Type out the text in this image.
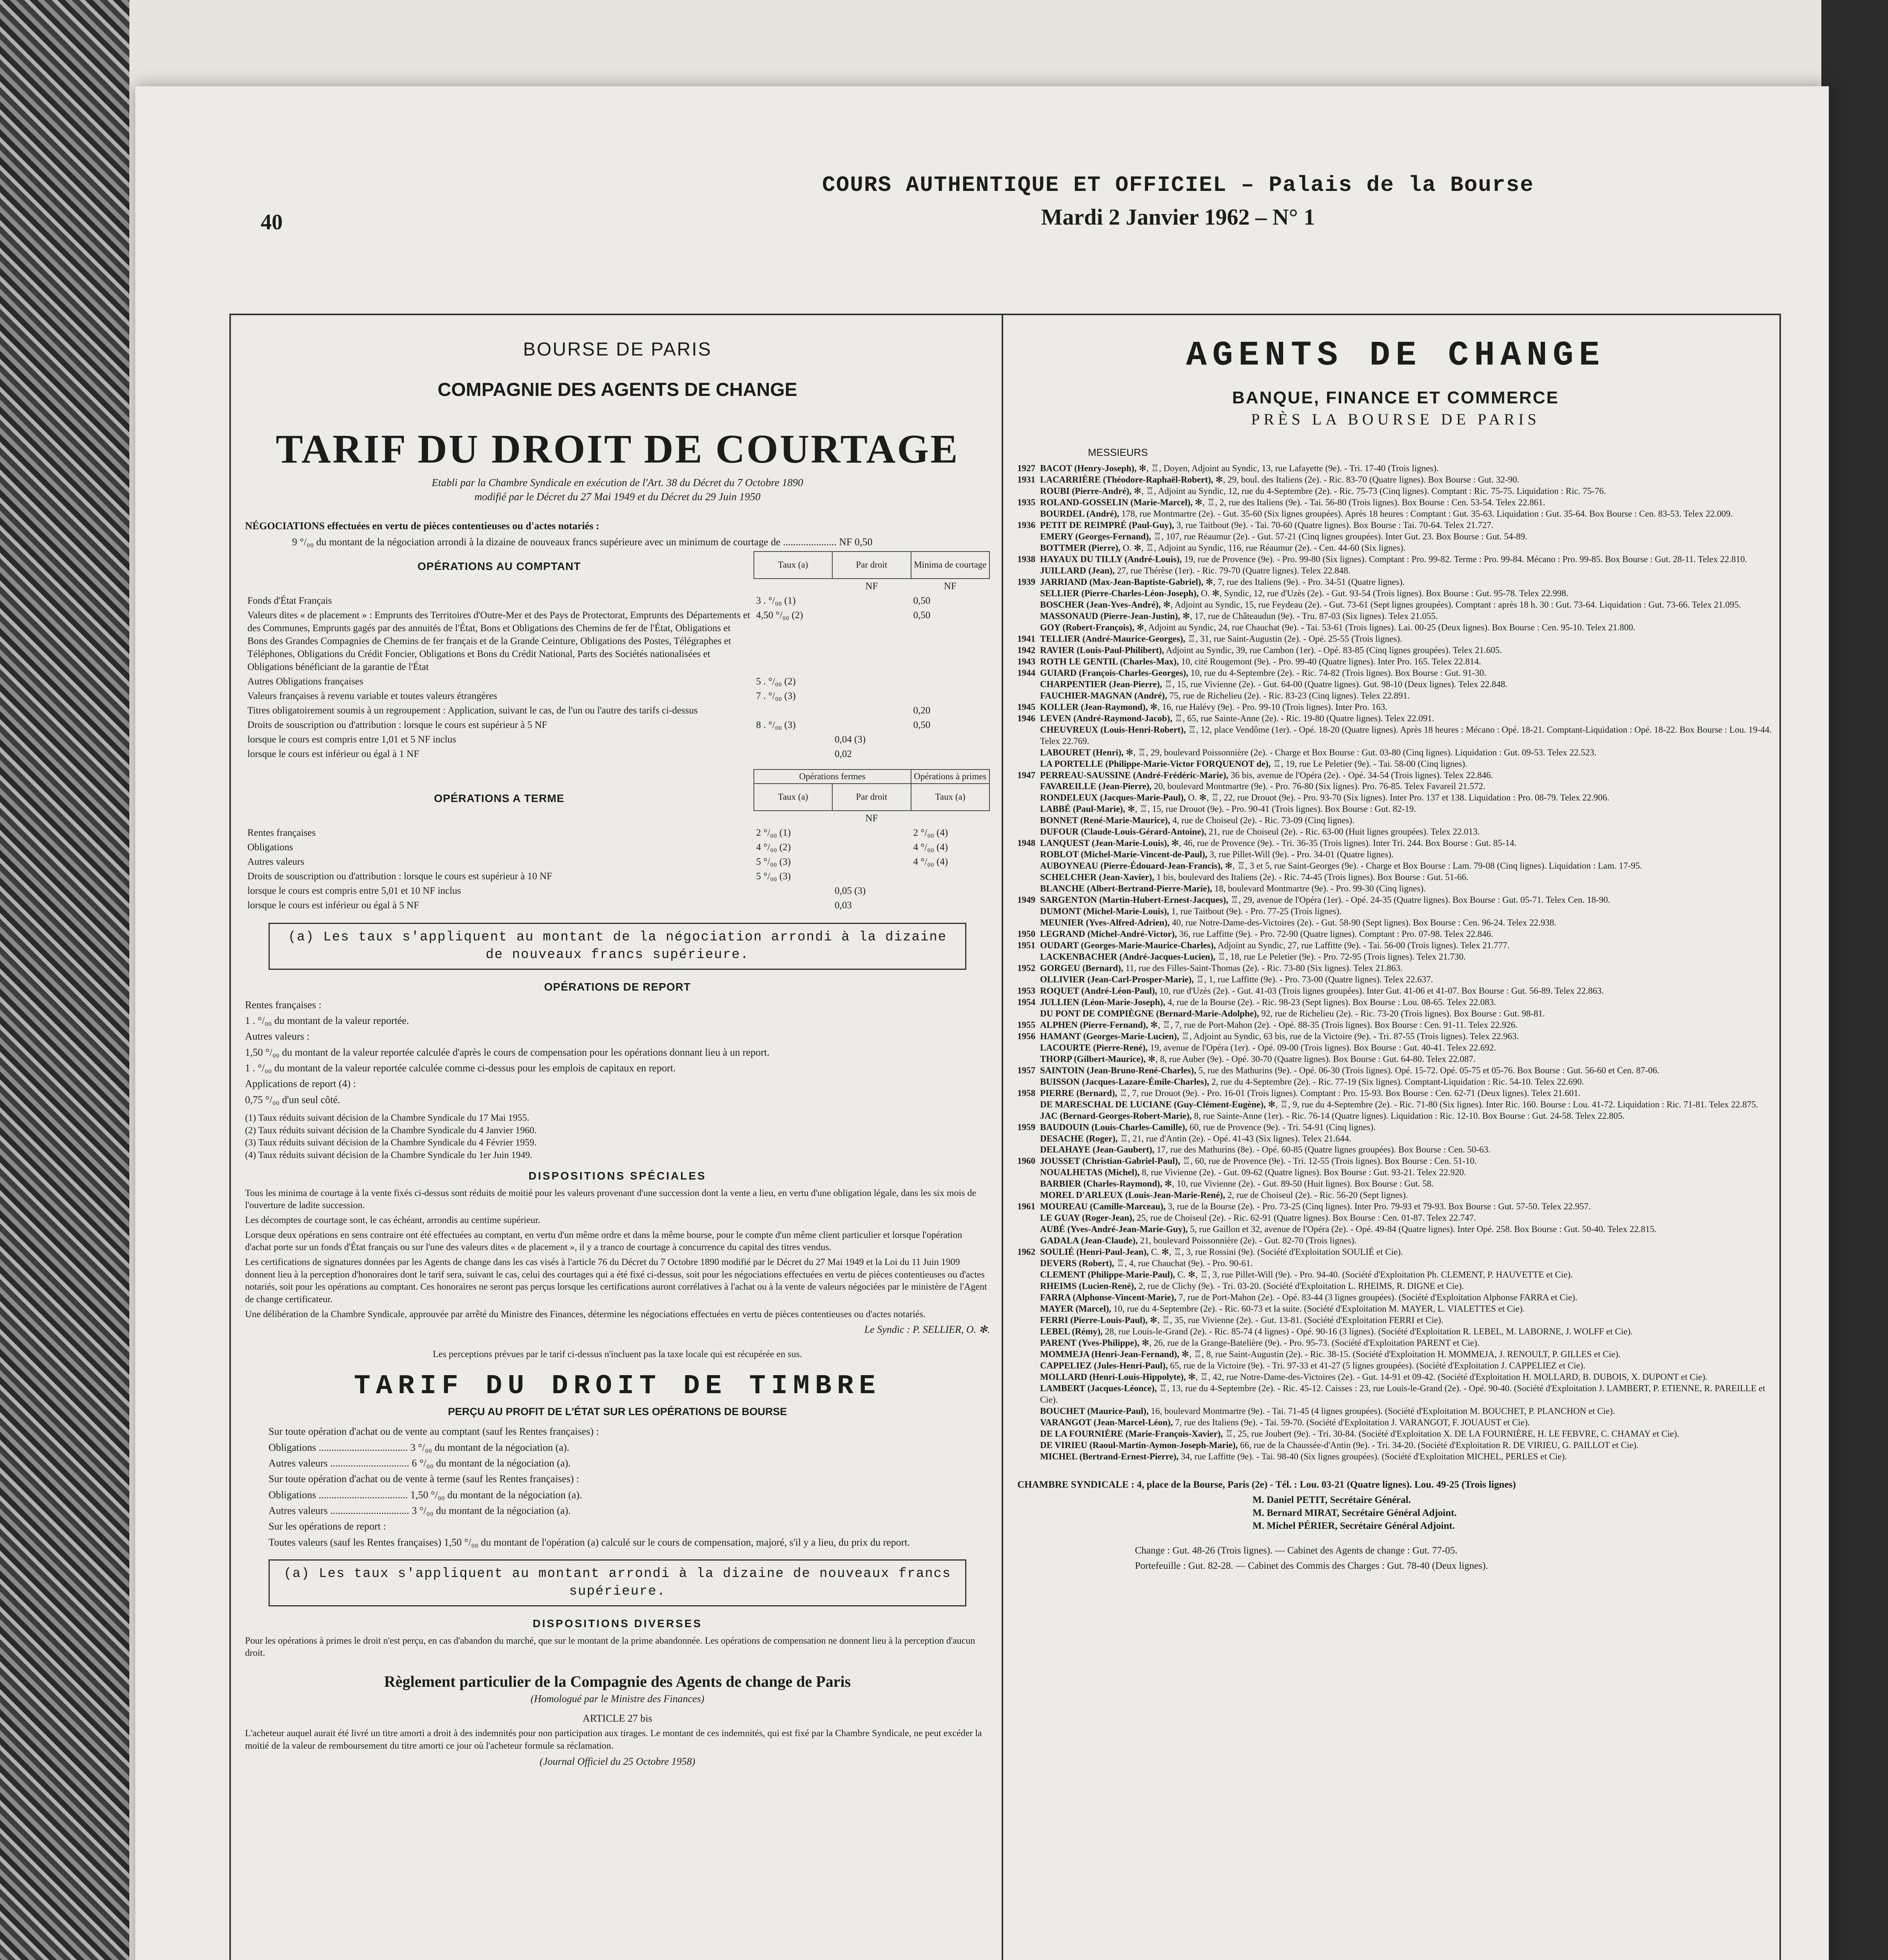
40
COURS AUTHENTIQUE ET OFFICIEL – Palais de la Bourse
Mardi 2 Janvier 1962 – N° 1
BOURSE DE PARIS
COMPAGNIE DES AGENTS DE CHANGE
TARIF DU DROIT DE COURTAGE
Etabli par la Chambre Syndicale en exécution de l'Art. 38 du Décret du 7 Octobre 1890
modifié par le Décret du 27 Mai 1949 et du Décret du 29 Juin 1950

NÉGOCIATIONS effectuées en vertu de pièces contentieuses ou d'actes notariés :

9 °/₀₀ du montant de la négociation arrondi à la dizaine de nouveaux francs supérieure avec un minimum de courtage de ..................... NF 0,50

OPÉRATIONS AU COMPTANT	Taux (a)	Par droit	Minima de courtage
		NF	NF
Fonds d'État Français	3 . °/₀₀ (1)		0,50
Valeurs dites « de placement » : Emprunts des Territoires d'Outre-Mer et des Pays de Protectorat, Emprunts des Départements et des Communes, Emprunts gagés par des annuités de l'État, Bons et Obligations des Chemins de fer de l'État, Obligations et Bons des Grandes Compagnies de Chemins de fer français et de la Grande Ceinture, Obligations des Postes, Télégraphes et Téléphones, Obligations du Crédit Foncier, Obligations et Bons du Crédit National, Parts des Sociétés nationalisées et Obligations bénéficiant de la garantie de l'État	4,50 °/₀₀ (2)		0,50
Autres Obligations françaises	5 . °/₀₀ (2)		
Valeurs françaises à revenu variable et toutes valeurs étrangères	7 . °/₀₀ (3)		
Titres obligatoirement soumis à un regroupement : Application, suivant le cas, de l'un ou l'autre des tarifs ci-dessus			0,20
Droits de souscription ou d'attribution : lorsque le cours est supérieur à 5 NF	8 . °/₀₀ (3)		0,50
lorsque le cours est compris entre 1,01 et 5 NF inclus		0,04 (3)	
lorsque le cours est inférieur ou égal à 1 NF		0,02	
	Opérations fermes		Opérations à primes

OPÉRATIONS A TERME	Taux (a)	Par droit	Taux (a)
		NF	
Rentes françaises	2 °/₀₀ (1)		2 °/₀₀ (4)
Obligations	4 °/₀₀ (2)		4 °/₀₀ (4)
Autres valeurs	5 °/₀₀ (3)		4 °/₀₀ (4)
Droits de souscription ou d'attribution : lorsque le cours est supérieur à 10 NF	5 °/₀₀ (3)		
lorsque le cours est compris entre 5,01 et 10 NF inclus		0,05 (3)	
lorsque le cours est inférieur ou égal à 5 NF		0,03	
(a) Les taux s'appliquent au montant de la négociation arrondi à la dizaine de nouveaux francs supérieure.
OPÉRATIONS DE REPORT

Rentes françaises :

1 . °/₀₀ du montant de la valeur reportée.

Autres valeurs :

1,50 °/₀₀ du montant de la valeur reportée calculée d'après le cours de compensation pour les opérations donnant lieu à un report.

1 . °/₀₀ du montant de la valeur reportée calculée comme ci-dessus pour les emplois de capitaux en report.

Applications de report (4) :

0,75 °/₀₀ d'un seul côté.

(1) Taux réduits suivant décision de la Chambre Syndicale du 17 Mai 1955.
(2) Taux réduits suivant décision de la Chambre Syndicale du 4 Janvier 1960.
(3) Taux réduits suivant décision de la Chambre Syndicale du 4 Février 1959.
(4) Taux réduits suivant décision de la Chambre Syndicale du 1er Juin 1949.
DISPOSITIONS SPÉCIALES

Tous les minima de courtage à la vente fixés ci-dessus sont réduits de moitié pour les valeurs provenant d'une succession dont la vente a lieu, en vertu d'une obligation légale, dans les six mois de l'ouverture de ladite succession.

Les décomptes de courtage sont, le cas échéant, arrondis au centime supérieur.

Lorsque deux opérations en sens contraire ont été effectuées au comptant, en vertu d'un même ordre et dans la même bourse, pour le compte d'un même client particulier et lorsque l'opération d'achat porte sur un fonds d'État français ou sur l'une des valeurs dites « de placement », il y a tranco de courtage à concurrence du capital des titres vendus.

Les certifications de signatures données par les Agents de change dans les cas visés à l'article 76 du Décret du 7 Octobre 1890 modifié par le Décret du 27 Mai 1949 et la Loi du 11 Juin 1909 donnent lieu à la perception d'honoraires dont le tarif sera, suivant le cas, celui des courtages qui a été fixé ci-dessus, soit pour les négociations effectuées en vertu de pièces contentieuses ou d'actes notariés, soit pour les opérations au comptant. Ces honoraires ne seront pas perçus lorsque les certifications auront corrélatives à l'achat ou à la vente de valeurs négociées par le ministère de l'Agent de change certificateur.

Une délibération de la Chambre Syndicale, approuvée par arrêté du Ministre des Finances, détermine les négociations effectuées en vertu de pièces contentieuses ou d'actes notariés.

Le Syndic : P. SELLIER, O. ✻.

Les perceptions prévues par le tarif ci-dessus n'incluent pas la taxe locale qui est récupérée en sus.

TARIF DU DROIT DE TIMBRE
PERÇU AU PROFIT DE L'ÉTAT SUR LES OPÉRATIONS DE BOURSE

Sur toute opération d'achat ou de vente au comptant (sauf les Rentes françaises) :

Obligations ................................... 3 °/₀₀ du montant de la négociation (a).

Autres valeurs ............................... 6 °/₀₀ du montant de la négociation (a).

Sur toute opération d'achat ou de vente à terme (sauf les Rentes françaises) :

Obligations ................................... 1,50 °/₀₀ du montant de la négociation (a).

Autres valeurs ............................... 3 °/₀₀ du montant de la négociation (a).

Sur les opérations de report :

Toutes valeurs (sauf les Rentes françaises) 1,50 °/₀₀ du montant de l'opération (a) calculé sur le cours de compensation, majoré, s'il y a lieu, du prix du report.

(a) Les taux s'appliquent au montant arrondi à la dizaine de nouveaux francs supérieure.
DISPOSITIONS DIVERSES

Pour les opérations à primes le droit n'est perçu, en cas d'abandon du marché, que sur le montant de la prime abandonnée. Les opérations de compensation ne donnent lieu à la perception d'aucun droit.

Règlement particulier de la Compagnie des Agents de change de Paris
(Homologué par le Ministre des Finances)
ARTICLE 27 bis

L'acheteur auquel aurait été livré un titre amorti a droit à des indemnités pour non participation aux tirages. Le montant de ces indemnités, qui est fixé par la Chambre Syndicale, ne peut excéder la moitié de la valeur de remboursement du titre amorti ce jour où l'acheteur formule sa réclamation.

(Journal Officiel du 25 Octobre 1958)

AGENTS DE CHANGE
BANQUE, FINANCE ET COMMERCE
PRÈS LA BOURSE DE PARIS
MESSIEURS
1927 BACOT (Henry-Joseph), ✻, ♖, Doyen, Adjoint au Syndic, 13, rue Lafayette (9e). - Tri. 17-40 (Trois lignes).
1931 LACARRIÈRE (Théodore-Raphaël-Robert), ✻, 29, boul. des Italiens (2e). - Ric. 83-70 (Quatre lignes). Box Bourse : Gut. 32-90.
ROUBI (Pierre-André), ✻, ♖, Adjoint au Syndic, 12, rue du 4-Septembre (2e). - Ric. 75-73 (Cinq lignes). Comptant : Ric. 75-75. Liquidation : Ric. 75-76.
1935 ROLAND-GOSSELIN (Marie-Marcel), ✻, ♖, 2, rue des Italiens (9e). - Tai. 56-80 (Trois lignes). Box Bourse : Cen. 53-54. Telex 22.861.
BOURDEL (André), 178, rue Montmartre (2e). - Gut. 35-60 (Six lignes groupées). Après 18 heures : Comptant : Gut. 35-63. Liquidation : Gut. 35-64. Box Bourse : Cen. 83-53. Telex 22.009.
1936 PETIT DE REIMPRÉ (Paul-Guy), 3, rue Taitbout (9e). - Tai. 70-60 (Quatre lignes). Box Bourse : Tai. 70-64. Telex 21.727.
EMERY (Georges-Fernand), ♖, 107, rue Réaumur (2e). - Gut. 57-21 (Cinq lignes groupées). Inter Gut. 23. Box Bourse : Gut. 54-89.
BOTTMER (Pierre), O. ✻, ♖, Adjoint au Syndic, 116, rue Réaumur (2e). - Cen. 44-60 (Six lignes).
1938 HAYAUX DU TILLY (André-Louis), 19, rue de Provence (9e). - Pro. 99-80 (Six lignes). Comptant : Pro. 99-82. Terme : Pro. 99-84. Mécano : Pro. 99-85. Box Bourse : Gut. 28-11. Telex 22.810.
JUILLARD (Jean), 27, rue Thérèse (1er). - Ric. 79-70 (Quatre lignes). Telex 22.848.
1939 JARRIAND (Max-Jean-Baptiste-Gabriel), ✻, 7, rue des Italiens (9e). - Pro. 34-51 (Quatre lignes).
SELLIER (Pierre-Charles-Léon-Joseph), O. ✻, Syndic, 12, rue d'Uzès (2e). - Gut. 93-54 (Trois lignes). Box Bourse : Gut. 95-78. Telex 22.998.
BOSCHER (Jean-Yves-André), ✻, Adjoint au Syndic, 15, rue Feydeau (2e). - Gut. 73-61 (Sept lignes groupées). Comptant : après 18 h. 30 : Gut. 73-64. Liquidation : Gut. 73-66. Telex 21.095.
MASSONAUD (Pierre-Jean-Justin), ✻, 17, rue de Châteaudun (9e). - Tru. 87-03 (Six lignes). Telex 21.055.
GOY (Robert-François), ✻, Adjoint au Syndic, 24, rue Chauchat (9e). - Tai. 53-61 (Trois lignes). Lai. 00-25 (Deux lignes). Box Bourse : Cen. 95-10. Telex 21.800.
1941 TELLIER (André-Maurice-Georges), ♖, 31, rue Saint-Augustin (2e). - Opé. 25-55 (Trois lignes).
1942 RAVIER (Louis-Paul-Philibert), Adjoint au Syndic, 39, rue Cambon (1er). - Opé. 83-85 (Cinq lignes groupées). Telex 21.605.
1943 ROTH LE GENTIL (Charles-Max), 10, cité Rougemont (9e). - Pro. 99-40 (Quatre lignes). Inter Pro. 165. Telex 22.814.
1944 GUIARD (François-Charles-Georges), 10, rue du 4-Septembre (2e). - Ric. 74-82 (Trois lignes). Box Bourse : Gut. 91-30.
CHARPENTIER (Jean-Pierre), ♖, 15, rue Vivienne (2e). - Gut. 64-00 (Quatre lignes). Gut. 98-10 (Deux lignes). Telex 22.848.
FAUCHIER-MAGNAN (André), 75, rue de Richelieu (2e). - Ric. 83-23 (Cinq lignes). Telex 22.891.
1945 KOLLER (Jean-Raymond), ✻, 16, rue Halévy (9e). - Pro. 99-10 (Trois lignes). Inter Pro. 163.
1946 LEVEN (André-Raymond-Jacob), ♖, 65, rue Sainte-Anne (2e). - Ric. 19-80 (Quatre lignes). Telex 22.091.
CHEUVREUX (Louis-Henri-Robert), ♖, 12, place Vendôme (1er). - Opé. 18-20 (Quatre lignes). Après 18 heures : Mécano : Opé. 18-21. Comptant-Liquidation : Opé. 18-22. Box Bourse : Lou. 19-44. Telex 22.769.
LABOURET (Henri), ✻, ♖, 29, boulevard Poissonnière (2e). - Charge et Box Bourse : Gut. 03-80 (Cinq lignes). Liquidation : Gut. 09-53. Telex 22.523.
LA PORTELLE (Philippe-Marie-Victor FORQUENOT de), ♖, 19, rue Le Peletier (9e). - Tai. 58-00 (Cinq lignes).
1947 PERREAU-SAUSSINE (André-Frédéric-Marie), 36 bis, avenue de l'Opéra (2e). - Opé. 34-54 (Trois lignes). Telex 22.846.
FAVAREILLE (Jean-Pierre), 20, boulevard Montmartre (9e). - Pro. 76-80 (Six lignes). Pro. 76-85. Telex Favareil 21.572.
RONDELEUX (Jacques-Marie-Paul), O. ✻, ♖, 22, rue Drouot (9e). - Pro. 93-70 (Six lignes). Inter Pro. 137 et 138. Liquidation : Pro. 08-79. Telex 22.906.
LABBÉ (Paul-Marie), ✻, ♖, 15, rue Drouot (9e). - Pro. 90-41 (Trois lignes). Box Bourse : Gut. 82-19.
BONNET (René-Marie-Maurice), 4, rue de Choiseul (2e). - Ric. 73-09 (Cinq lignes).
DUFOUR (Claude-Louis-Gérard-Antoine), 21, rue de Choiseul (2e). - Ric. 63-00 (Huit lignes groupées). Telex 22.013.
1948 LANQUEST (Jean-Marie-Louis), ✻, 46, rue de Provence (9e). - Tri. 36-35 (Trois lignes). Inter Tri. 244. Box Bourse : Gut. 85-14.
ROBLOT (Michel-Marie-Vincent-de-Paul), 3, rue Pillet-Will (9e). - Pro. 34-01 (Quatre lignes).
AUBOYNEAU (Pierre-Édouard-Jean-Francis), ✻, ♖, 3 et 5, rue Saint-Georges (9e). - Charge et Box Bourse : Lam. 79-08 (Cinq lignes). Liquidation : Lam. 17-95.
SCHELCHER (Jean-Xavier), 1 bis, boulevard des Italiens (2e). - Ric. 74-45 (Trois lignes). Box Bourse : Gut. 51-66.
BLANCHE (Albert-Bertrand-Pierre-Marie), 18, boulevard Montmartre (9e). - Pro. 99-30 (Cinq lignes).
1949 SARGENTON (Martin-Hubert-Ernest-Jacques), ♖, 29, avenue de l'Opéra (1er). - Opé. 24-35 (Quatre lignes). Box Bourse : Gut. 05-71. Telex Cen. 18-90.
DUMONT (Michel-Marie-Louis), 1, rue Taitbout (9e). - Pro. 77-25 (Trois lignes).
MEUNIER (Yves-Alfred-Adrien), 40, rue Notre-Dame-des-Victoires (2e). - Gut. 58-90 (Sept lignes). Box Bourse : Cen. 96-24. Telex 22.938.
1950 LEGRAND (Michel-André-Victor), 36, rue Laffitte (9e). - Pro. 72-90 (Quatre lignes). Comptant : Pro. 07-98. Telex 22.846.
1951 OUDART (Georges-Marie-Maurice-Charles), Adjoint au Syndic, 27, rue Laffitte (9e). - Tai. 56-00 (Trois lignes). Telex 21.777.
LACKENBACHER (André-Jacques-Lucien), ♖, 18, rue Le Peletier (9e). - Pro. 72-95 (Trois lignes). Telex 21.730.
1952 GORGEU (Bernard), 11, rue des Filles-Saint-Thomas (2e). - Ric. 73-80 (Six lignes). Telex 21.863.
OLLIVIER (Jean-Carl-Prosper-Marie), ♖, 1, rue Laffitte (9e). - Pro. 73-00 (Quatre lignes). Telex 22.637.
1953 ROQUET (André-Léon-Paul), 10, rue d'Uzès (2e). - Gut. 41-03 (Trois lignes groupées). Inter Gut. 41-06 et 41-07. Box Bourse : Gut. 56-89. Telex 22.863.
1954 JULLIEN (Léon-Marie-Joseph), 4, rue de la Bourse (2e). - Ric. 98-23 (Sept lignes). Box Bourse : Lou. 08-65. Telex 22.083.
DU PONT DE COMPIÈGNE (Bernard-Marie-Adolphe), 92, rue de Richelieu (2e). - Ric. 73-20 (Trois lignes). Box Bourse : Gut. 98-81.
1955 ALPHEN (Pierre-Fernand), ✻, ♖, 7, rue de Port-Mahon (2e). - Opé. 88-35 (Trois lignes). Box Bourse : Cen. 91-11. Telex 22.926.
1956 HAMANT (Georges-Marie-Lucien), ♖, Adjoint au Syndic, 63 bis, rue de la Victoire (9e). - Tri. 87-55 (Trois lignes). Telex 22.963.
LACOURTE (Pierre-René), 19, avenue de l'Opéra (1er). - Opé. 09-00 (Trois lignes). Box Bourse : Gut. 40-41. Telex 22.692.
THORP (Gilbert-Maurice), ✻, 8, rue Auber (9e). - Opé. 30-70 (Quatre lignes). Box Bourse : Gut. 64-80. Telex 22.087.
1957 SAINTOIN (Jean-Bruno-René-Charles), 5, rue des Mathurins (9e). - Opé. 06-30 (Trois lignes). Opé. 15-72. Opé. 05-75 et 05-76. Box Bourse : Gut. 56-60 et Cen. 87-06.
BUISSON (Jacques-Lazare-Émile-Charles), 2, rue du 4-Septembre (2e). - Ric. 77-19 (Six lignes). Comptant-Liquidation : Ric. 54-10. Telex 22.690.
1958 PIERRE (Bernard), ♖, 7, rue Drouot (9e). - Pro. 16-01 (Trois lignes). Comptant : Pro. 15-93. Box Bourse : Cen. 62-71 (Deux lignes). Telex 21.601.
DE MARESCHAL DE LUCIANE (Guy-Clément-Eugène), ✻, ♖, 9, rue du 4-Septembre (2e). - Ric. 71-80 (Six lignes). Inter Ric. 160. Bourse : Lou. 41-72. Liquidation : Ric. 71-81. Telex 22.875.
JAC (Bernard-Georges-Robert-Marie), 8, rue Sainte-Anne (1er). - Ric. 76-14 (Quatre lignes). Liquidation : Ric. 12-10. Box Bourse : Gut. 24-58. Telex 22.805.
1959 BAUDOUIN (Louis-Charles-Camille), 60, rue de Provence (9e). - Tri. 54-91 (Cinq lignes).
DESACHE (Roger), ♖, 21, rue d'Antin (2e). - Opé. 41-43 (Six lignes). Telex 21.644.
DELAHAYE (Jean-Gaubert), 17, rue des Mathurins (8e). - Opé. 60-85 (Quatre lignes groupées). Box Bourse : Cen. 50-63.
1960 JOUSSET (Christian-Gabriel-Paul), ♖, 60, rue de Provence (9e). - Tri. 12-55 (Trois lignes). Box Bourse : Cen. 51-10.
NOUALHETAS (Michel), 8, rue Vivienne (2e). - Gut. 09-62 (Quatre lignes). Box Bourse : Gut. 93-21. Telex 22.920.
BARBIER (Charles-Raymond), ✻, 10, rue Vivienne (2e). - Gut. 89-50 (Huit lignes). Box Bourse : Gut. 58.
MOREL D'ARLEUX (Louis-Jean-Marie-René), 2, rue de Choiseul (2e). - Ric. 56-20 (Sept lignes).
1961 MOUREAU (Camille-Marceau), 3, rue de la Bourse (2e). - Pro. 73-25 (Cinq lignes). Inter Pro. 79-93 et 79-93. Box Bourse : Gut. 57-50. Telex 22.957.
LE GUAY (Roger-Jean), 25, rue de Choiseul (2e). - Ric. 62-91 (Quatre lignes). Box Bourse : Cen. 01-87. Telex 22.747.
AUBÉ (Yves-André-Jean-Marie-Guy), 5, rue Gaillon et 32, avenue de l'Opéra (2e). - Opé. 49-84 (Quatre lignes). Inter Opé. 258. Box Bourse : Gut. 50-40. Telex 22.815.
GADALA (Jean-Claude), 21, boulevard Poissonnière (2e). - Gut. 82-70 (Trois lignes).
1962 SOULIÉ (Henri-Paul-Jean), C. ✻, ♖, 3, rue Rossini (9e). (Société d'Exploitation SOULIÉ et Cie).
DEVERS (Robert), ♖, 4, rue Chauchat (9e). - Pro. 90-61.
CLEMENT (Philippe-Marie-Paul), C. ✻, ♖, 3, rue Pillet-Will (9e). - Pro. 94-40. (Société d'Exploitation Ph. CLEMENT, P. HAUVETTE et Cie).
RHEIMS (Lucien-René), 2, rue de Clichy (9e). - Tri. 03-20. (Société d'Exploitation L. RHEIMS, R. DIGNE et Cie).
FARRA (Alphonse-Vincent-Marie), 7, rue de Port-Mahon (2e). - Opé. 83-44 (3 lignes groupées). (Société d'Exploitation Alphonse FARRA et Cie).
MAYER (Marcel), 10, rue du 4-Septembre (2e). - Ric. 60-73 et la suite. (Société d'Exploitation M. MAYER, L. VIALETTES et Cie).
FERRI (Pierre-Louis-Paul), ✻, ♖, 35, rue Vivienne (2e). - Gut. 13-81. (Société d'Exploitation FERRI et Cie).
LEBEL (Rémy), 28, rue Louis-le-Grand (2e). - Ric. 85-74 (4 lignes) - Opé. 90-16 (3 lignes). (Société d'Exploitation R. LEBEL, M. LABORNE, J. WOLFF et Cie).
PARENT (Yves-Philippe), ✻, 26, rue de la Grange-Batelière (9e). - Pro. 95-73. (Société d'Exploitation PARENT et Cie).
MOMMEJA (Henri-Jean-Fernand), ✻, ♖, 8, rue Saint-Augustin (2e). - Ric. 38-15. (Société d'Exploitation H. MOMMEJA, J. RENOULT, P. GILLES et Cie).
CAPPELIEZ (Jules-Henri-Paul), 65, rue de la Victoire (9e). - Tri. 97-33 et 41-27 (5 lignes groupées). (Société d'Exploitation J. CAPPELIEZ et Cie).
MOLLARD (Henri-Louis-Hippolyte), ✻, ♖, 42, rue Notre-Dame-des-Victoires (2e). - Gut. 14-91 et 09-42. (Société d'Exploitation H. MOLLARD, B. DUBOIS, X. DUPONT et Cie).
LAMBERT (Jacques-Léonce), ♖, 13, rue du 4-Septembre (2e). - Ric. 45-12. Caisses : 23, rue Louis-le-Grand (2e). - Opé. 90-40. (Société d'Exploitation J. LAMBERT, P. ETIENNE, R. PAREILLE et Cie).
BOUCHET (Maurice-Paul), 16, boulevard Montmartre (9e). - Tai. 71-45 (4 lignes groupées). (Société d'Exploitation M. BOUCHET, P. PLANCHON et Cie).
VARANGOT (Jean-Marcel-Léon), 7, rue des Italiens (9e). - Tai. 59-70. (Société d'Exploitation J. VARANGOT, F. JOUAUST et Cie).
DE LA FOURNIÈRE (Marie-François-Xavier), ♖, 25, rue Joubert (9e). - Tri. 30-84. (Société d'Exploitation X. DE LA FOURNIÈRE, H. LE FEBVRE, C. CHAMAY et Cie).
DE VIRIEU (Raoul-Martin-Aymon-Joseph-Marie), 66, rue de la Chaussée-d'Antin (9e). - Tri. 34-20. (Société d'Exploitation R. DE VIRIEU, G. PAILLOT et Cie).
MICHEL (Bertrand-Ernest-Pierre), 34, rue Laffitte (9e). - Tai. 98-40 (Six lignes groupées). (Société d'Exploitation MICHEL, PERLES et Cie).

CHAMBRE SYNDICALE : 4, place de la Bourse, Paris (2e) - Tél. : Lou. 03-21 (Quatre lignes). Lou. 49-25 (Trois lignes)

M. Daniel PETIT, Secrétaire Général.
M. Bernard MIRAT, Secrétaire Général Adjoint.
M. Michel PÉRIER, Secrétaire Général Adjoint.

Change : Gut. 48-26 (Trois lignes). — Cabinet des Agents de change : Gut. 77-05.

Portefeuille : Gut. 82-28. — Cabinet des Commis des Charges : Gut. 78-40 (Deux lignes).
